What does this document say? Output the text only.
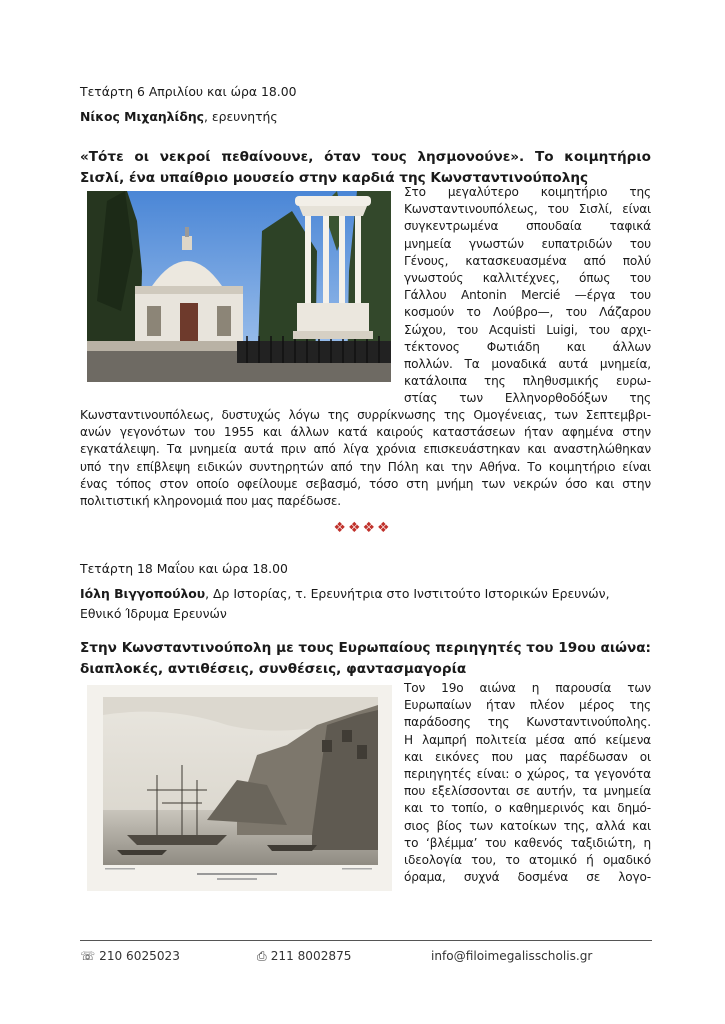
Τετάρτη 6 Απριλίου και ώρα 18.00
Νίκος Μιχαηλίδης, ερευνητής
«Τότε οι νεκροί πεθαίνουνε, όταν τους λησμονούνε». Το κοιμητήριο Σισλί, ένα υπαίθριο μουσείο στην καρδιά της Κωνσταντινούπολης
Στο μεγαλύτερο κοιμητήριο της
Κωνσταντινουπόλεως, του Σισλί, είναι
συγκεντρωμένα σπουδαία ταφικά
μνημεία γνωστών ευπατριδών του
Γένους, κατασκευασμένα από πολύ
γνωστούς καλλιτέχνες, όπως του
Γάλλου Antonin Mercié —έργα του
κοσμούν το Λούβρο—, του Λάζαρου
Σώχου, του Acquisti Luigi, του αρχι-
τέκτονος Φωτιάδη και άλλων
πολλών. Τα μοναδικά αυτά μνημεία,
κατάλοιπα της πληθυσμικής ευρω-
στίας των Ελληνορθοδόξων της
Κωνσταντινουπόλεως, δυστυχώς λόγω της συρρίκνωσης της Ομογένειας, των Σεπτεμβρι-
ανών γεγονότων του 1955 και άλλων κατά καιρούς καταστάσεων ήταν αφημένα στην
εγκατάλειψη. Τα μνημεία αυτά πριν από λίγα χρόνια επισκευάστηκαν και αναστηλώθηκαν
υπό την επίβλεψη ειδικών συντηρητών από την Πόλη και την Αθήνα. Το κοιμητήριο είναι
ένας τόπος στον οποίο οφείλουμε σεβασμό, τόσο στη μνήμη των νεκρών όσο και στην
πολιτιστική κληρονομιά που μας παρέδωσε.
❖❖❖❖
Τετάρτη 18 Μαΐου και ώρα 18.00
Ιόλη Βιγγοπούλου, Δρ Ιστορίας, τ. Ερευνήτρια στο Ινστιτούτο Ιστορικών Ερευνών, Εθνικό Ίδρυμα Ερευνών
Στην Κωνσταντινούπολη με τους Ευρωπαίους περιηγητές του 19ου αιώνα: διαπλοκές, αντιθέσεις, συνθέσεις, φαντασμαγορία
Τον 19ο αιώνα η παρουσία των
Ευρωπαίων ήταν πλέον μέρος της
παράδοσης της Κωνσταντινούπολης.
Η λαμπρή πολιτεία μέσα από κείμενα
και εικόνες που μας παρέδωσαν οι
περιηγητές είναι: ο χώρος, τα γεγονότα
που εξελίσσονται σε αυτήν, τα μνημεία
και το τοπίο, ο καθημερινός και δημό-
σιος βίος των κατοίκων της, αλλά και
το ‘βλέμμα’ του καθενός ταξιδιώτη, η
ιδεολογία του, το ατομικό ή ομαδικό
όραμα, συχνά δοσμένα σε λογο-
☏ 210 6025023	⎙ 211 8002875	info@filoimegalisscholis.gr
